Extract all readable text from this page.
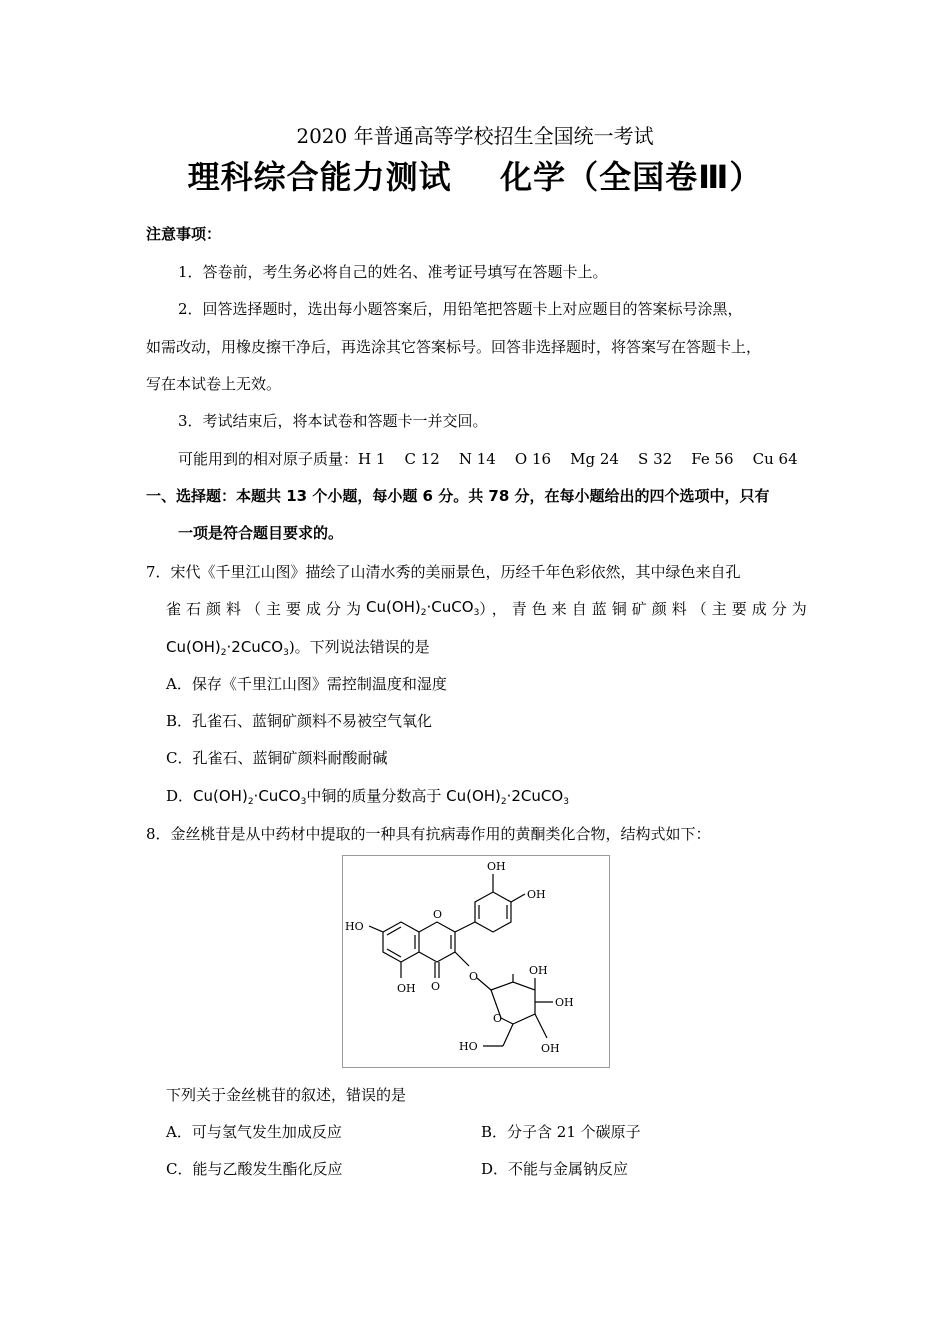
2020 年普通高等学校招生全国统一考试
理科综合能力测试    化学（全国卷Ⅲ）
注意事项：
1．答卷前，考生务必将自己的姓名、准考证号填写在答题卡上。
2．回答选择题时，选出每小题答案后，用铅笔把答题卡上对应题目的答案标号涂黑，
如需改动，用橡皮擦干净后，再选涂其它答案标号。回答非选择题时，将答案写在答题卡上，
写在本试卷上无效。
3．考试结束后，将本试卷和答题卡一并交回。
可能用到的相对原子质量：H 1    C 12    N 14    O 16    Mg 24    S 32    Fe 56    Cu 64
一、选择题：本题共 13 个小题，每小题 6 分。共 78 分，在每小题给出的四个选项中，只有
一项是符合题目要求的。
7．宋代《千里江山图》描绘了山清水秀的美丽景色，历经千年色彩依然，其中绿色来自孔
雀石颜料（主要成分为 $Cu(OH)_2\cdot CuCO_3$ ），青色来自蓝铜矿颜料（主要成分为
$Cu(OH)_2\cdot 2CuCO_3$)。下列说法错误的是
A．保存《千里江山图》需控制温度和湿度
B．孔雀石、蓝铜矿颜料不易被空气氧化
C．孔雀石、蓝铜矿颜料耐酸耐碱
D．$Cu(OH)_2\cdot CuCO_3$中铜的质量分数高于 $Cu(OH)_2\cdot 2CuCO_3$
8．金丝桃苷是从中药材中提取的一种具有抗病毒作用的黄酮类化合物，结构式如下：
OH
OH
HO
O
O
O
OH
OH
OH
HO
OH O
下列关于金丝桃苷的叙述，错误的是
A．可与氢气发生加成反应	B．分子含 21 个碳原子
C．能与乙酸发生酯化反应	D．不能与金属钠反应
